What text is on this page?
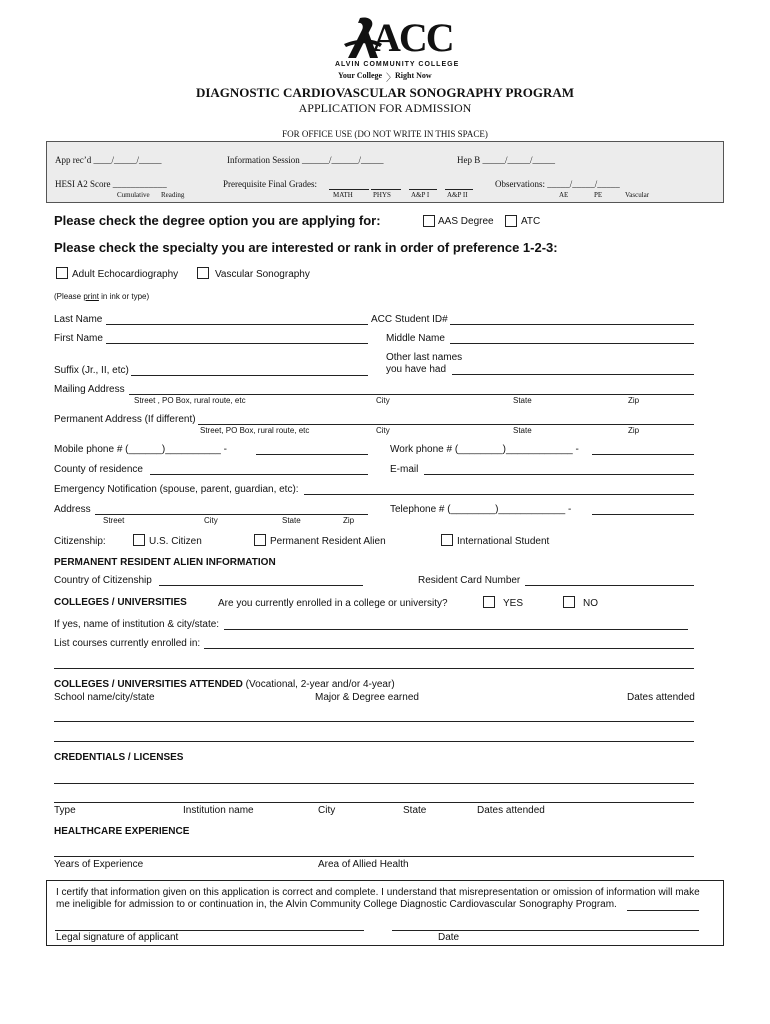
ACC
ALVIN COMMUNITY COLLEGE
Your College 〉 Right Now
DIAGNOSTIC CARDIOVASCULAR SONOGRAPHY PROGRAM
APPLICATION FOR ADMISSION
FOR OFFICE USE (DO NOT WRITE IN THIS SPACE)
App rec’d ____/_____/_____	Information Session ______/______/_____	Hep B _____/_____/_____
HESI A2 Score ____________
Cumulative Reading
Prerequisite Final Grades:
MATH	PHYS	A&P I	A&P II
Observations: _____/_____/_____
AE	PE	Vascular
Please check the degree option you are applying for:	AAS Degree	ATC
Please check the specialty you are interested or rank in order of preference 1-2-3:
Adult Echocardiography	Vascular Sonography
(Please print in ink or type)
Last Name	ACC Student ID#
First Name	Middle Name
Other last names
you have had
Suffix (Jr., II, etc)
Mailing Address
Street , PO Box, rural route, etc	City	State	Zip
Permanent Address (If different)
Street, PO Box, rural route, etc	City	State	Zip
Mobile phone # (______)__________ -	Work phone # (________)____________ -
County of residence	E-mail
Emergency Notification (spouse, parent, guardian, etc):
Address
Street	City	State	Zip
Telephone # (________)____________ -
Citizenship:	U.S. Citizen	Permanent Resident Alien	International Student
PERMANENT RESIDENT ALIEN INFORMATION
Country of Citizenship	Resident Card Number
COLLEGES / UNIVERSITIES	Are you currently enrolled in a college or university?	YES	NO
If yes, name of institution & city/state:
List courses currently enrolled in:
COLLEGES / UNIVERSITIES ATTENDED (Vocational, 2-year and/or 4-year)
School name/city/state	Major & Degree earned	Dates attended
CREDENTIALS / LICENSES
Type	Institution name	City	State	Dates attended
HEALTHCARE EXPERIENCE
Years of Experience	Area of Allied Health
I certify that information given on this application is correct and complete. I understand that misrepresentation or omission of information will make
me ineligible for admission to or continuation in, the Alvin Community College Diagnostic Cardiovascular Sonography Program.
Legal signature of applicant	Date
